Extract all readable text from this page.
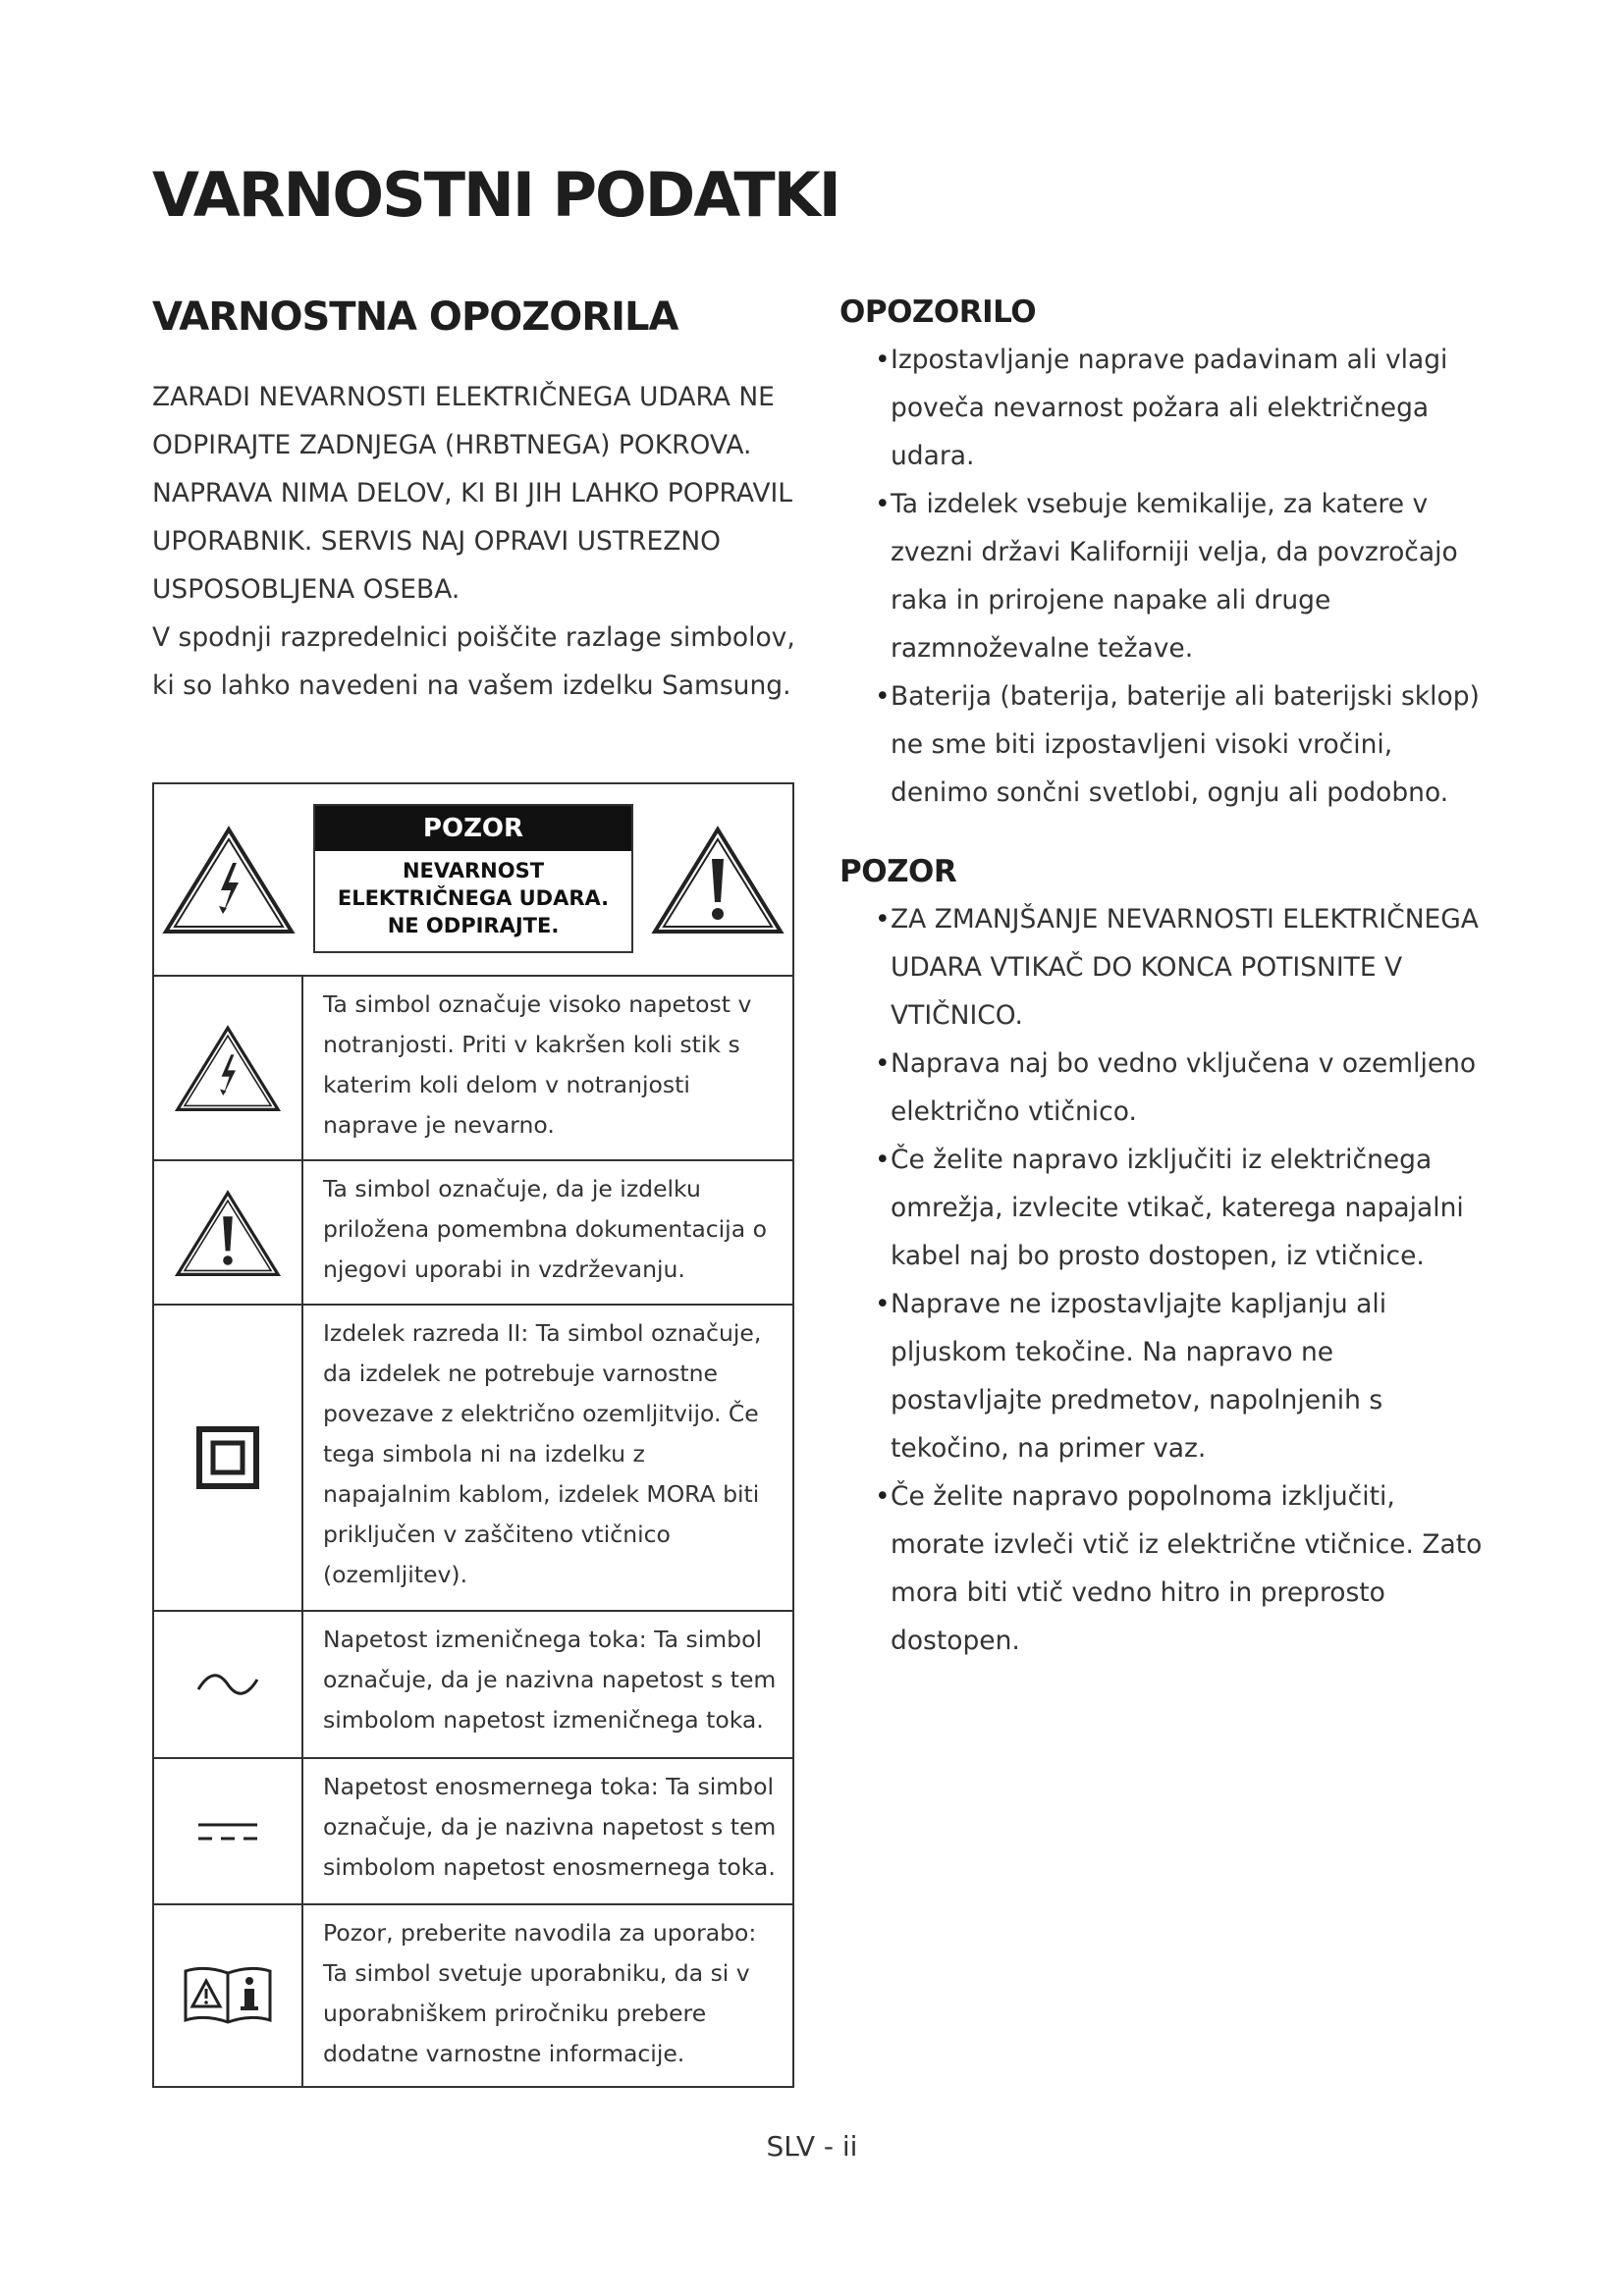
VARNOSTNI PODATKI
VARNOSTNA OPOZORILA

ZARADI NEVARNOSTI ELEKTRIČNEGA UDARA NE ODPIRAJTE ZADNJEGA (HRBTNEGA) POKROVA.

NAPRAVA NIMA DELOV, KI BI JIH LAHKO POPRAVIL UPORABNIK. SERVIS NAJ OPRAVI USTREZNO USPOSOBLJENA OSEBA.

V spodnji razpredelnici poiščite razlage simbolov, ki so lahko navedeni na vašem izdelku Samsung.

POZOR
NEVARNOST
ELEKTRIČNEGA UDARA.
NE ODPIRAJTE.
Ta simbol označuje visoko napetost v notranjosti. Priti v kakršen koli stik s katerim koli delom v notranjosti naprave je nevarno.
Ta simbol označuje, da je izdelku priložena pomembna dokumentacija o njegovi uporabi in vzdrževanju.
Izdelek razreda II: Ta simbol označuje, da izdelek ne potrebuje varnostne povezave z električno ozemljitvijo. Če tega simbola ni na izdelku z napajalnim kablom, izdelek MORA biti priključen v zaščiteno vtičnico (ozemljitev).
Napetost izmeničnega toka: Ta simbol označuje, da je nazivna napetost s tem simbolom napetost izmeničnega toka.
Napetost enosmernega toka: Ta simbol označuje, da je nazivna napetost s tem simbolom napetost enosmernega toka.
Pozor, preberite navodila za uporabo: Ta simbol svetuje uporabniku, da si v uporabniškem priročniku prebere dodatne varnostne informacije.
OPOZORILO
• Izpostavljanje naprave padavinam ali vlagi poveča nevarnost požara ali električnega udara.
• Ta izdelek vsebuje kemikalije, za katere v zvezni državi Kaliforniji velja, da povzročajo raka in prirojene napake ali druge razmnoževalne težave.
• Baterija (baterija, baterije ali baterijski sklop) ne sme biti izpostavljeni visoki vročini, denimo sončni svetlobi, ognju ali podobno.
POZOR
• ZA ZMANJŠANJE NEVARNOSTI ELEKTRIČNEGA UDARA VTIKAČ DO KONCA POTISNITE V VTIČNICO.
• Naprava naj bo vedno vključena v ozemljeno električno vtičnico.
• Če želite napravo izključiti iz električnega omrežja, izvlecite vtikač, katerega napajalni kabel naj bo prosto dostopen, iz vtičnice.
• Naprave ne izpostavljajte kapljanju ali pljuskom tekočine. Na napravo ne postavljajte predmetov, napolnjenih s tekočino, na primer vaz.
• Če želite napravo popolnoma izključiti, morate izvleči vtič iz električne vtičnice. Zato mora biti vtič vedno hitro in preprosto dostopen.
SLV - ii
